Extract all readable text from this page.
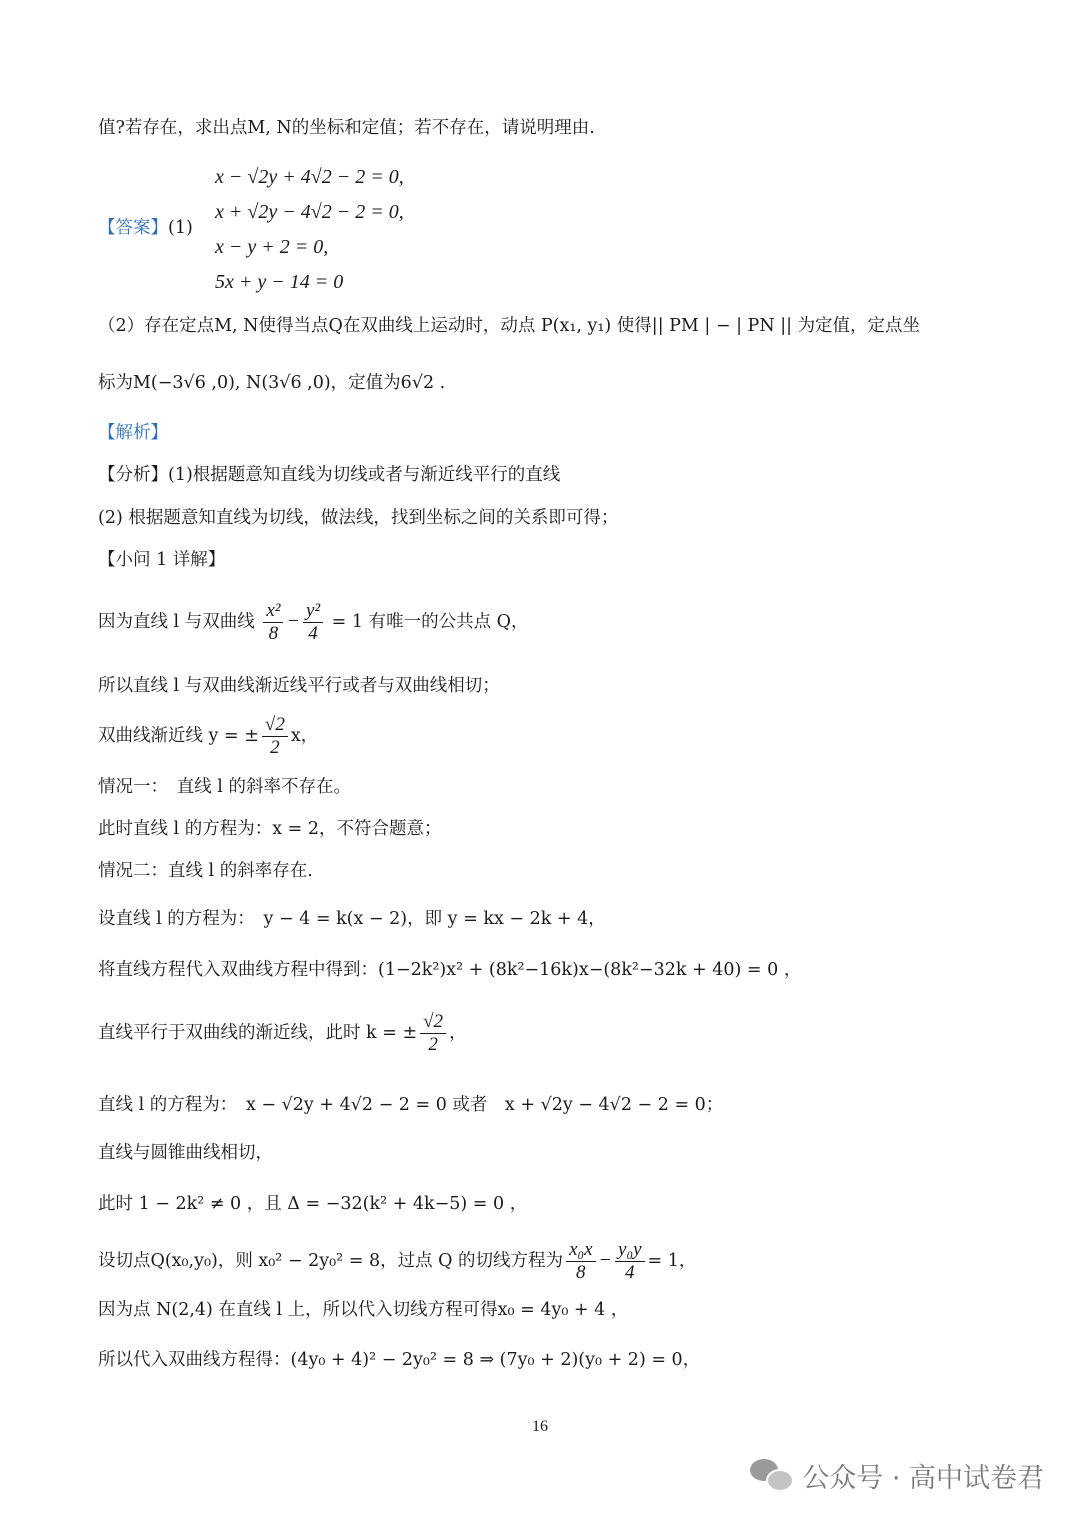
值?若存在，求出点M, N的坐标和定值；若不存在，请说明理由.

【答案】(1)

x − √2y + 4√2 − 2 = 0,
x + √2y − 4√2 − 2 = 0,
x − y + 2 = 0,
5x + y − 14 = 0

（2）存在定点M, N使得当点Q在双曲线上运动时，动点 P(x₁, y₁) 使得|| PM | − | PN || 为定值，定点坐

标为M(−3√6 ,0), N(3√6 ,0)，定值为6√2 .

【解析】

【分析】(1)根据题意知直线为切线或者与渐近线平行的直线

(2) 根据题意知直线为切线，做法线，找到坐标之间的关系即可得；

【小问 1 详解】

因为直线 l 与双曲线 $\frac{\text{x²}}{8} - \frac{\text{y²}}{4} = 1$ 有唯一的公共点 Q，

所以直线 l 与双曲线渐近线平行或者与双曲线相切；

双曲线渐近线 y = ± $\frac{√2}{2}$ x，

情况一：　直线 l 的斜率不存在。

此时直线 l 的方程为：x = 2，不符合题意；

情况二：直线 l 的斜率存在.

设直线 l 的方程为：　y − 4 = k(x − 2)，即 y = kx − 2k + 4，

将直线方程代入双曲线方程中得到：(1−2k²)x² + (8k²−16k)x−(8k²−32k + 40) = 0 ，

直线平行于双曲线的渐近线，此时 k = ± $\frac{√2}{2}$ ，

直线 l 的方程为：　x − √2y + 4√2 − 2 = 0 或者　x + √2y − 4√2 − 2 = 0；

直线与圆锥曲线相切，

此时 1 − 2k² ≠ 0 ，且 Δ = −32(k² + 4k−5) = 0 ，

设切点Q(x₀,y₀)，则 x₀² − 2y₀² = 8，过点 Q 的切线方程为 $\frac{\text{x₀x}}{8} - \frac{\text{y₀y}}{4} = 1$，

因为点 N(2,4) 在直线 l 上，所以代入切线方程可得x₀ = 4y₀ + 4 ，

所以代入双曲线方程得：(4y₀ + 4)² − 2y₀² = 8 ⇒ (7y₀ + 2)(y₀ + 2) = 0，

16
公众号 · 高中试卷君
